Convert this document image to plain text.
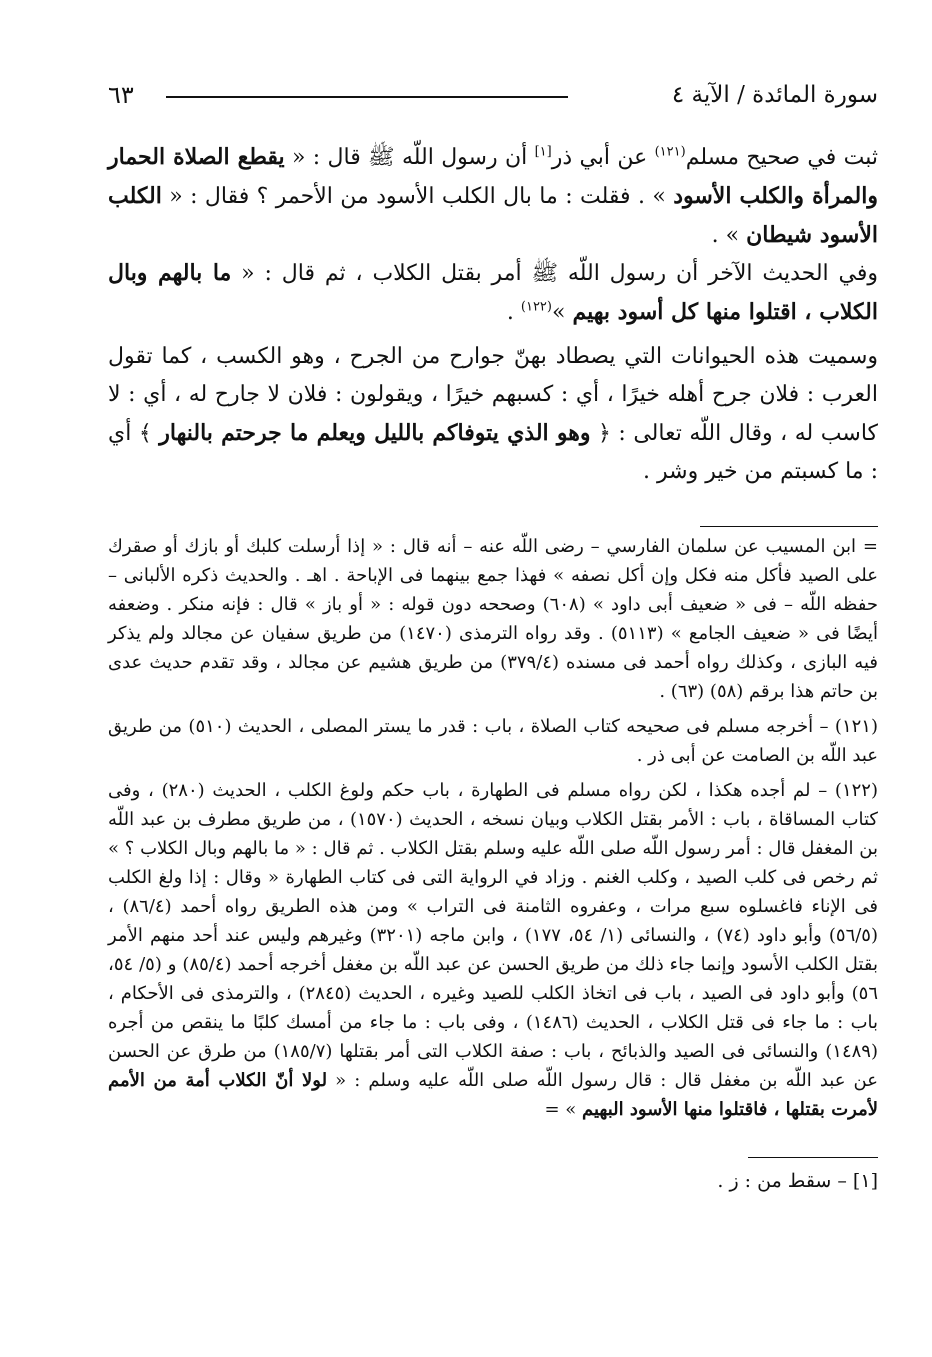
٦٣	سورة المائدة / الآية ٤
ثبت في صحيح مسلم$^{(١٢١)}$ عن أبي ذر[١] أن رسول اللّه ﷺ قال : « يقطع الصلاة الحمار والمرأة والكلب الأسود » . فقلت : ما بال الكلب الأسود من الأحمر ؟ فقال : « الكلب الأسود شيطان » .
وفي الحديث الآخر أن رسول اللّه ﷺ أمر بقتل الكلاب ، ثم قال : « ما بالهم وبال الكلاب ، اقتلوا منها كل أسود بهيم »$^{(١٢٢)}$ .
وسميت هذه الحيوانات التي يصطاد بهنّ جوارح من الجرح ، وهو الكسب ، كما تقول العرب : فلان جرح أهله خيرًا ، أي : كسبهم خيرًا ، ويقولون : فلان لا جارح له ، أي : لا كاسب له ، وقال اللّه تعالى : ﴿ وهو الذي يتوفاكم بالليل ويعلم ما جرحتم بالنهار ﴾ أي : ما كسبتم من خير وشر .

= ابن المسيب عن سلمان الفارسي – رضى اللّه عنه – أنه قال : « إذا أرسلت كلبك أو بازك أو صقرك على الصيد فأكل منه فكل وإن أكل نصفه » فهذا جمع بينهما فى الإباحة . اهـ . والحديث ذكره الألبانى – حفظه اللّه – فى « ضعيف أبى داود » (٦٠٨) وصححه دون قوله : « أو باز » قال : فإنه منكر . وضعفه أيضًا فى « ضعيف الجامع » (٥١١٣) . وقد رواه الترمذى (١٤٧٠) من طريق سفيان عن مجالد ولم يذكر فيه البازى ، وكذلك رواه أحمد فى مسنده (٣٧٩/٤) من طريق هشيم عن مجالد ، وقد تقدم حديث عدى بن حاتم هذا برقم (٥٨) (٦٣) .

(١٢١) – أخرجه مسلم فى صحيحه كتاب الصلاة ، باب : قدر ما يستر المصلى ، الحديث (٥١٠) من طريق عبد اللّه بن الصامت عن أبى ذر .

(١٢٢) – لم أجده هكذا ، لكن رواه مسلم فى الطهارة ، باب حكم ولوغ الكلب ، الحديث (٢٨٠) ، وفى كتاب المساقاة ، باب : الأمر بقتل الكلاب وبيان نسخه ، الحديث (١٥٧٠) ، من طريق مطرف بن عبد اللّه بن المغفل قال : أمر رسول اللّه صلى اللّه عليه وسلم بقتل الكلاب . ثم قال : « ما بالهم وبال الكلاب ؟ » ثم رخص فى كلب الصيد ، وكلب الغنم . وزاد في الرواية التى فى كتاب الطهارة « وقال : إذا ولغ الكلب فى الإناء فاغسلوه سبع مرات ، وعفروه الثامنة فى التراب » ومن هذه الطريق رواه أحمد (٨٦/٤) ، (٥٦/٥) وأبو داود (٧٤) ، والنسائى (١/ ٥٤، ١٧٧) ، وابن ماجه (٣٢٠١) وغيرهم وليس عند أحد منهم الأمر بقتل الكلب الأسود وإنما جاء ذلك من طريق الحسن عن عبد اللّه بن مغفل أخرجه أحمد (٨٥/٤) و (٥/ ٥٤، ٥٦) وأبو داود فى الصيد ، باب فى اتخاذ الكلب للصيد وغيره ، الحديث (٢٨٤٥) ، والترمذى فى الأحكام ، باب : ما جاء فى قتل الكلاب ، الحديث (١٤٨٦) ، وفى باب : ما جاء من أمسك كلبًا ما ينقص من أجره (١٤٨٩) والنسائى فى الصيد والذبائح ، باب : صفة الكلاب التى أمر بقتلها (١٨٥/٧) من طرق عن الحسن عن عبد اللّه بن مغفل قال : قال رسول اللّه صلى اللّه عليه وسلم : « لولا أنّ الكلاب أمة من الأمم لأمرت بقتلها ، فاقتلوا منها الأسود البهيم » =

[١] – سقط من : ز .
